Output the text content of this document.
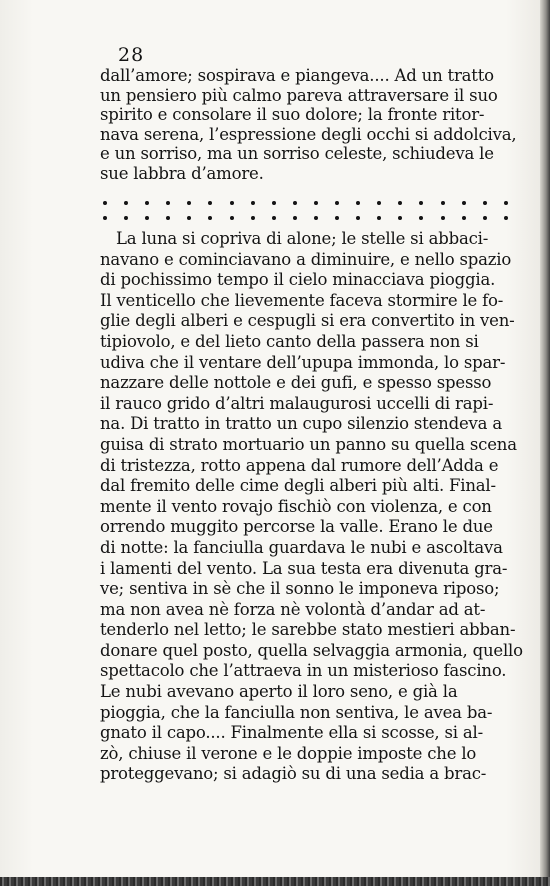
28
dall’amore; sospirava e piangeva.... Ad un tratto
un pensiero più calmo pareva attraversare il suo
spirito e consolare il suo dolore; la fronte ritor-
nava serena, l’espressione degli occhi si addolciva,
e un sorriso, ma un sorriso celeste, schiudeva le
sue labbra d’amore.
La luna si copriva di alone; le stelle si abbaci-
navano e cominciavano a diminuire, e nello spazio
di pochissimo tempo il cielo minacciava pioggia.
Il venticello che lievemente faceva stormire le fo-
glie degli alberi e cespugli si era convertito in ven-
tipiovolo, e del lieto canto della passera non si
udiva che il ventare dell’upupa immonda, lo spar-
nazzare delle nottole e dei gufi, e spesso spesso
il rauco grido d’altri malaugurosi uccelli di rapi-
na. Di tratto in tratto un cupo silenzio stendeva a
guisa di strato mortuario un panno su quella scena
di tristezza, rotto appena dal rumore dell’Adda e
dal fremito delle cime degli alberi più alti. Final-
mente il vento rovajo fischiò con violenza, e con
orrendo muggito percorse la valle. Erano le due
di notte: la fanciulla guardava le nubi e ascoltava
i lamenti del vento. La sua testa era divenuta gra-
ve; sentiva in sè che il sonno le imponeva riposo;
ma non avea nè forza nè volontà d’andar ad at-
tenderlo nel letto; le sarebbe stato mestieri abban-
donare quel posto, quella selvaggia armonia, quello
spettacolo che l’attraeva in un misterioso fascino.
Le nubi avevano aperto il loro seno, e già la
pioggia, che la fanciulla non sentiva, le avea ba-
gnato il capo.... Finalmente ella si scosse, si al-
zò, chiuse il verone e le doppie imposte che lo
proteggevano; si adagiò su di una sedia a brac-
